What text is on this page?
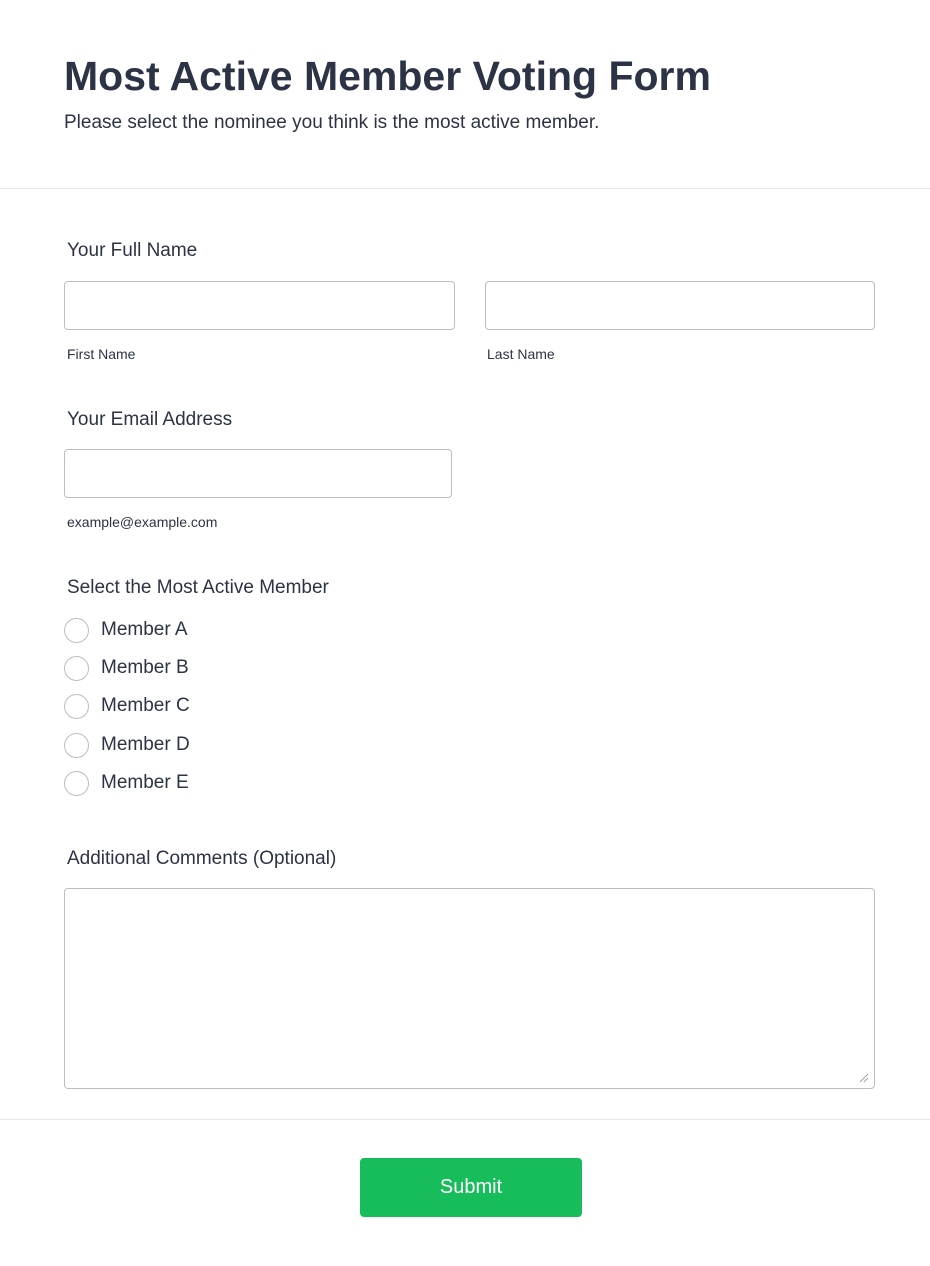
Most Active Member Voting Form

Please select the nominee you think is the most active member.

Your Full Name
First Name	Last Name
Your Email Address
example@example.com
Select the Most Active Member
Member A
Member B
Member C
Member D
Member E
Additional Comments (Optional)
Submit
